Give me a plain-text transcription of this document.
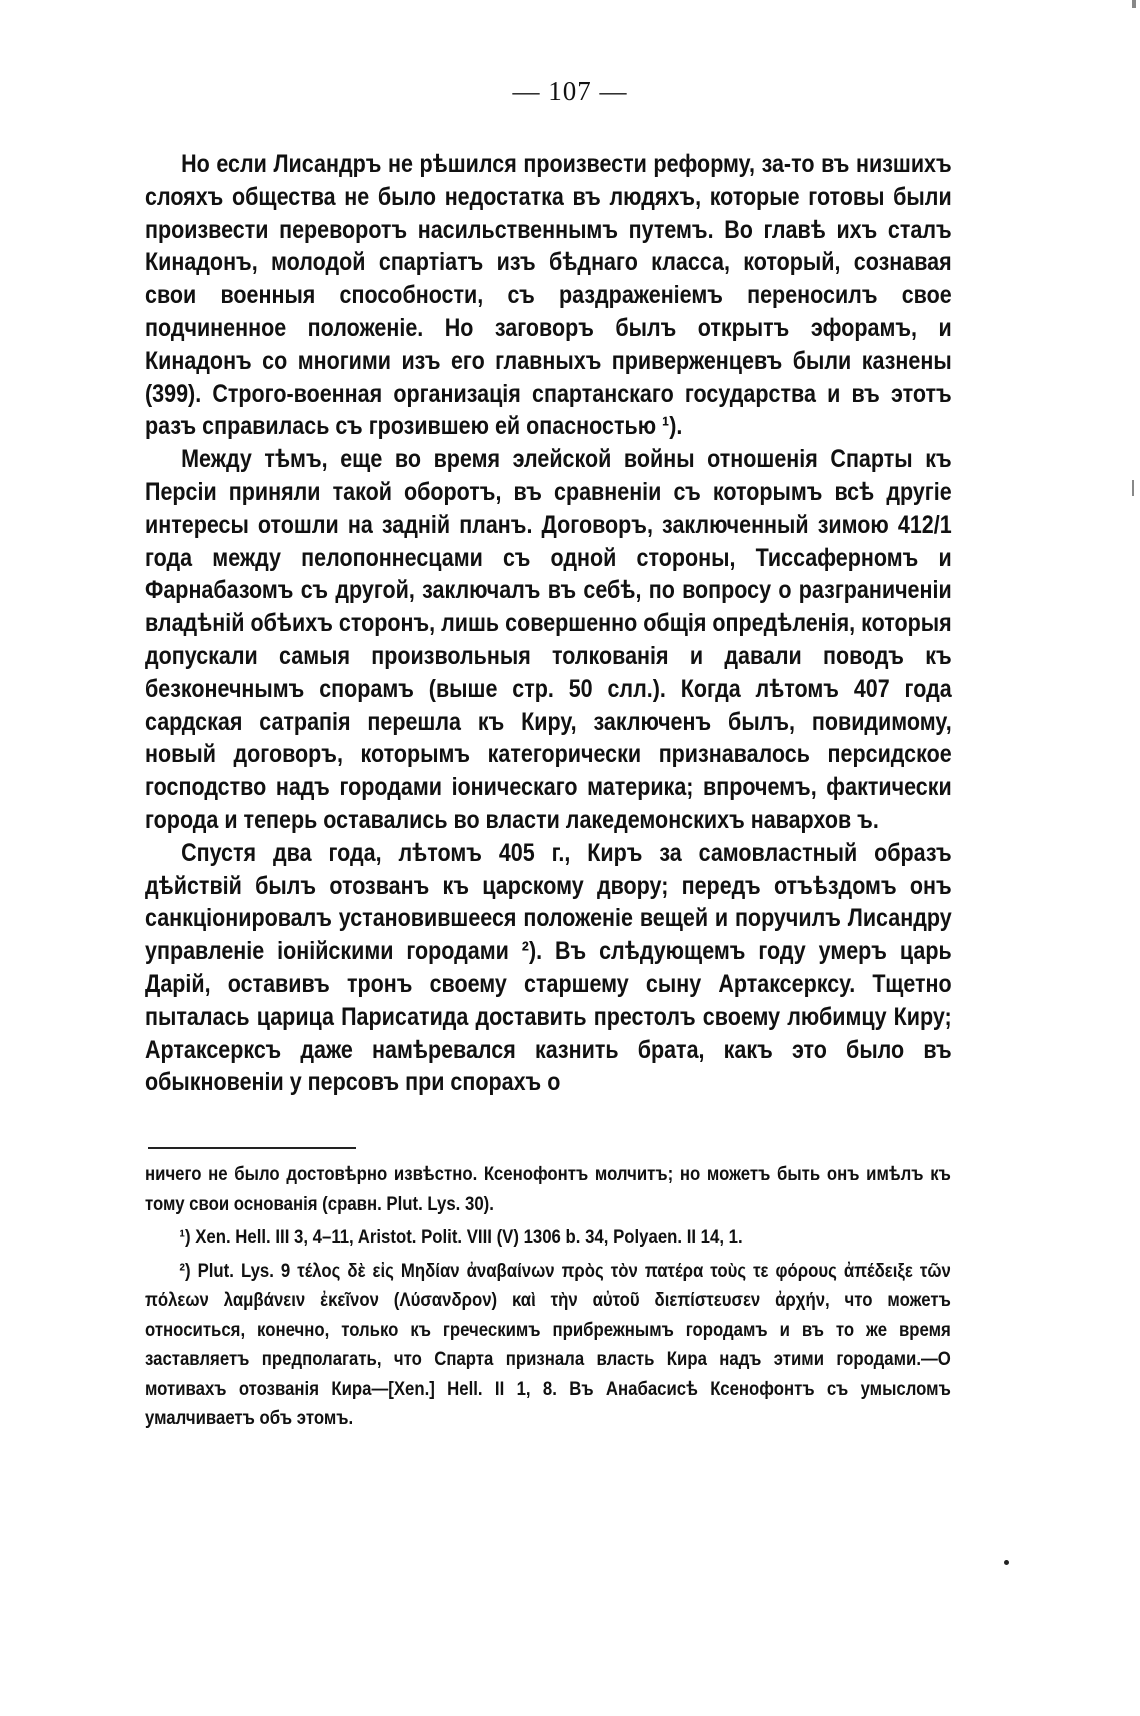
— 107 —

Но если Лисандръ не рѣшился произвести реформу, за-то въ низшихъ слояхъ общества не было недостатка въ людяхъ, которые готовы были произвести переворотъ насильственнымъ путемъ. Во главѣ ихъ сталъ Кинадонъ, молодой спартіатъ изъ бѣднаго класса, который, сознавая свои военныя способности, съ раздраженіемъ переносилъ свое подчиненное положеніе. Но заговоръ былъ открытъ эфорамъ, и Кинадонъ со многими изъ его главныхъ приверженцевъ были казнены (399). Строго-военная организація спартанскаго государства и въ этотъ разъ справилась съ грозившею ей опасностью ¹).

Между тѣмъ, еще во время элейской войны отношенія Спарты къ Персіи приняли такой оборотъ, въ сравненіи съ которымъ всѣ другіе интересы отошли на задній планъ. Договоръ, заключенный зимою 412/1 года между пелопоннесцами съ одной стороны, Тиссаферномъ и Фарнабазомъ съ другой, заключалъ въ себѣ, по вопросу о разграниченіи владѣній обѣихъ сторонъ, лишь совершенно общія опредѣленія, которыя допускали самыя произвольныя толкованія и давали поводъ къ безконечнымъ спорамъ (выше стр. 50 слл.). Когда лѣтомъ 407 года сардская сатрапія перешла къ Киру, заключенъ былъ, повидимому, новый договоръ, которымъ категорически признавалось персидское господство надъ городами іоническаго материка; впрочемъ, фактически города и теперь оставались во власти лакедемонскихъ навархов ъ.

Спустя два года, лѣтомъ 405 г., Киръ за самовластный образъ дѣйствій былъ отозванъ къ царскому двору; передъ отъѣздомъ онъ санкціонировалъ установившееся положеніе вещей и поручилъ Лисандру управленіе іонійскими городами ²). Въ слѣдующемъ году умеръ царь Дарій, оставивъ тронъ своему старшему сыну Артаксерксу. Тщетно пыталась царица Парисатида доставить престолъ своему любимцу Киру; Артаксерксъ даже намѣревался казнить брата, какъ это было въ обыкновеніи у персовъ при спорахъ о

ничего не было достовѣрно извѣстно. Ксенофонтъ молчитъ; но можетъ быть онъ имѣлъ къ тому свои основанія (сравн. Plut. Lys. 30).

¹) Xen. Hell. III 3, 4–11, Aristot. Polit. VIII (V) 1306 b. 34, Polyaen. II 14, 1.

²) Plut. Lys. 9 τέλος δὲ εἰς Μηδίαν ἀναβαίνων πρὸς τὸν πατέρα τοὺς τε φόρους ἀπέδειξε τῶν πόλεων λαμβάνειν ἐκεῖνον (Λύσανδρον) καὶ τὴν αὐτοῦ διεπίστευσεν ἀρχήν, что можетъ относиться, конечно, только къ греческимъ прибрежнымъ городамъ и въ то же время заставляетъ предполагать, что Спарта признала власть Кира надъ этими городами.—О мотивахъ отозванія Кира—[Xen.] Hell. II 1, 8. Въ Анабасисѣ Ксенофонтъ съ умысломъ умалчиваетъ объ этомъ.
